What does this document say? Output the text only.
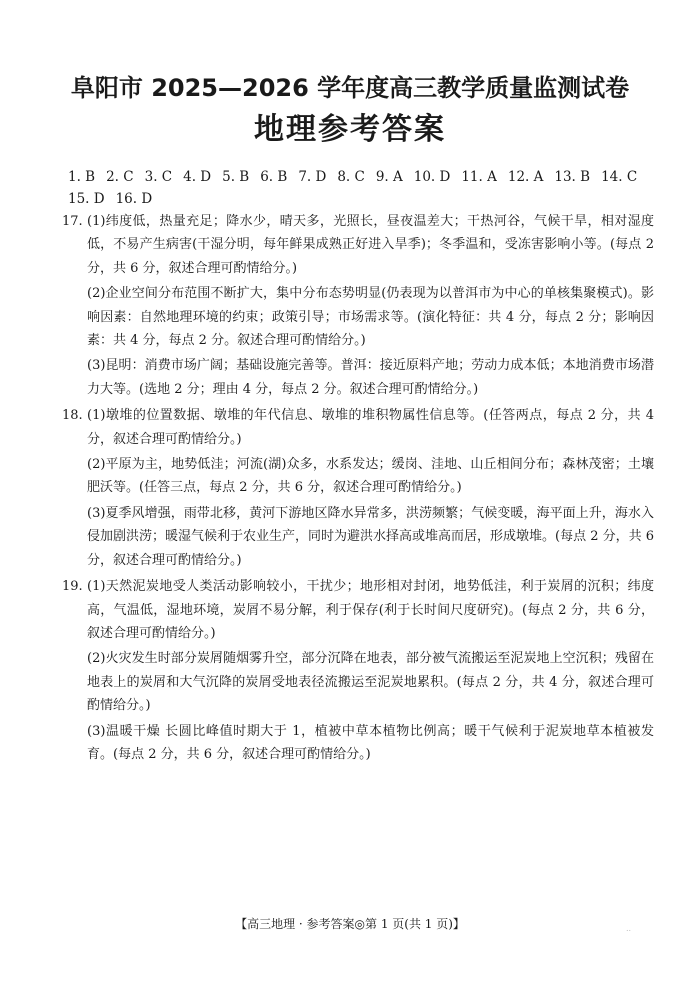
阜阳市 2025—2026 学年度高三教学质量监测试卷
地理参考答案
1. B 2. C 3. C 4. D 5. B 6. B 7. D 8. C 9. A 10. D 11. A 12. A 13. B 14. C
15. D 16. D
17. (1)纬度低，热量充足；降水少，晴天多，光照长，昼夜温差大；干热河谷，气候干旱，相对湿度低，不易产生病害(干湿分明，每年鲜果成熟正好进入旱季)；冬季温和，受冻害影响小等。(每点 2 分，共 6 分，叙述合理可酌情给分。)

(2)企业空间分布范围不断扩大，集中分布态势明显(仍表现为以普洱市为中心的单核集聚模式)。影响因素：自然地理环境的约束；政策引导；市场需求等。(演化特征：共 4 分，每点 2 分；影响因素：共 4 分，每点 2 分。叙述合理可酌情给分。)

(3)昆明：消费市场广阔；基础设施完善等。普洱：接近原料产地；劳动力成本低；本地消费市场潜力大等。(选地 2 分；理由 4 分，每点 2 分。叙述合理可酌情给分。)

18. (1)墩堆的位置数据、墩堆的年代信息、墩堆的堆积物属性信息等。(任答两点，每点 2 分，共 4 分，叙述合理可酌情给分。)

(2)平原为主，地势低洼；河流(湖)众多，水系发达；缓岗、洼地、山丘相间分布；森林茂密；土壤肥沃等。(任答三点，每点 2 分，共 6 分，叙述合理可酌情给分。)

(3)夏季风增强，雨带北移，黄河下游地区降水异常多，洪涝频繁；气候变暖，海平面上升，海水入侵加剧洪涝；暖湿气候利于农业生产，同时为避洪水择高或堆高而居，形成墩堆。(每点 2 分，共 6 分，叙述合理可酌情给分。)

19. (1)天然泥炭地受人类活动影响较小，干扰少；地形相对封闭，地势低洼，利于炭屑的沉积；纬度高，气温低，湿地环境，炭屑不易分解，利于保存(利于长时间尺度研究)。(每点 2 分，共 6 分，叙述合理可酌情给分。)

(2)火灾发生时部分炭屑随烟雾升空，部分沉降在地表，部分被气流搬运至泥炭地上空沉积；残留在地表上的炭屑和大气沉降的炭屑受地表径流搬运至泥炭地累积。(每点 2 分，共 4 分，叙述合理可酌情给分。)

(3)温暖干燥 长圆比峰值时期大于 1，植被中草本植物比例高；暖干气候利于泥炭地草本植被发育。(每点 2 分，共 6 分，叙述合理可酌情给分。)

【高三地理 · 参考答案◎第 1 页(共 1 页)】	..
